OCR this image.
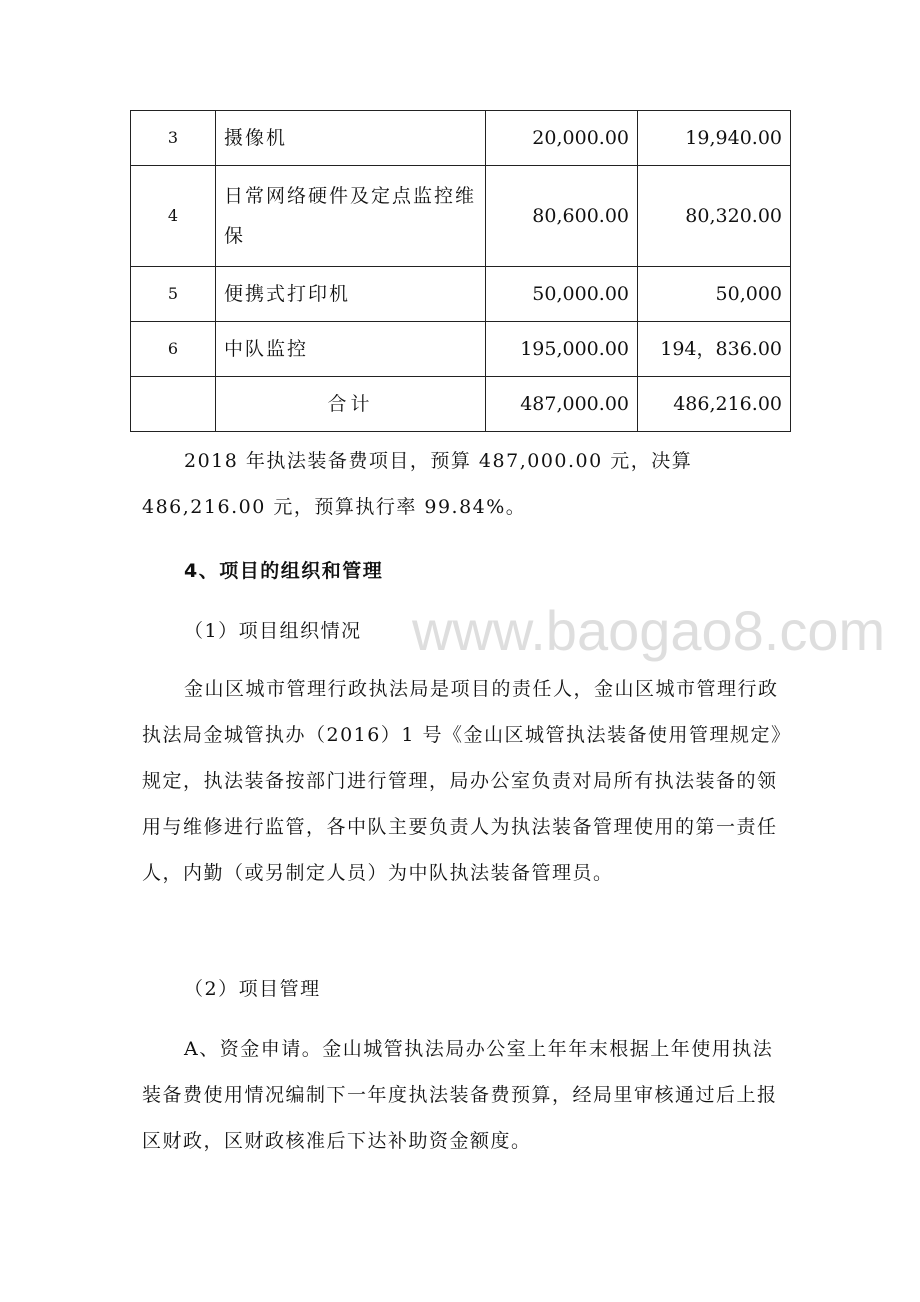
3	摄像机	20,000.00	19,940.00
4	日常网络硬件及定点监控维保	80,600.00	80,320.00
5	便携式打印机	50,000.00	50,000
6	中队监控	195,000.00	194，836.00
	合计	487,000.00	486,216.00

2018 年执法装备费项目，预算 487,000.00 元，决算 486,216.00 元，预算执行率 99.84%。

4、项目的组织和管理

（1）项目组织情况 www.baogao8.com

金山区城市管理行政执法局是项目的责任人，金山区城市管理行政执法局金城管执办（2016）1 号《金山区城管执法装备使用管理规定》规定，执法装备按部门进行管理，局办公室负责对局所有执法装备的领用与维修进行监管，各中队主要负责人为执法装备管理使用的第一责任人，内勤（或另制定人员）为中队执法装备管理员。

（2）项目管理

A、资金申请。金山城管执法局办公室上年年末根据上年使用执法装备费使用情况编制下一年度执法装备费预算，经局里审核通过后上报区财政，区财政核准后下达补助资金额度。
